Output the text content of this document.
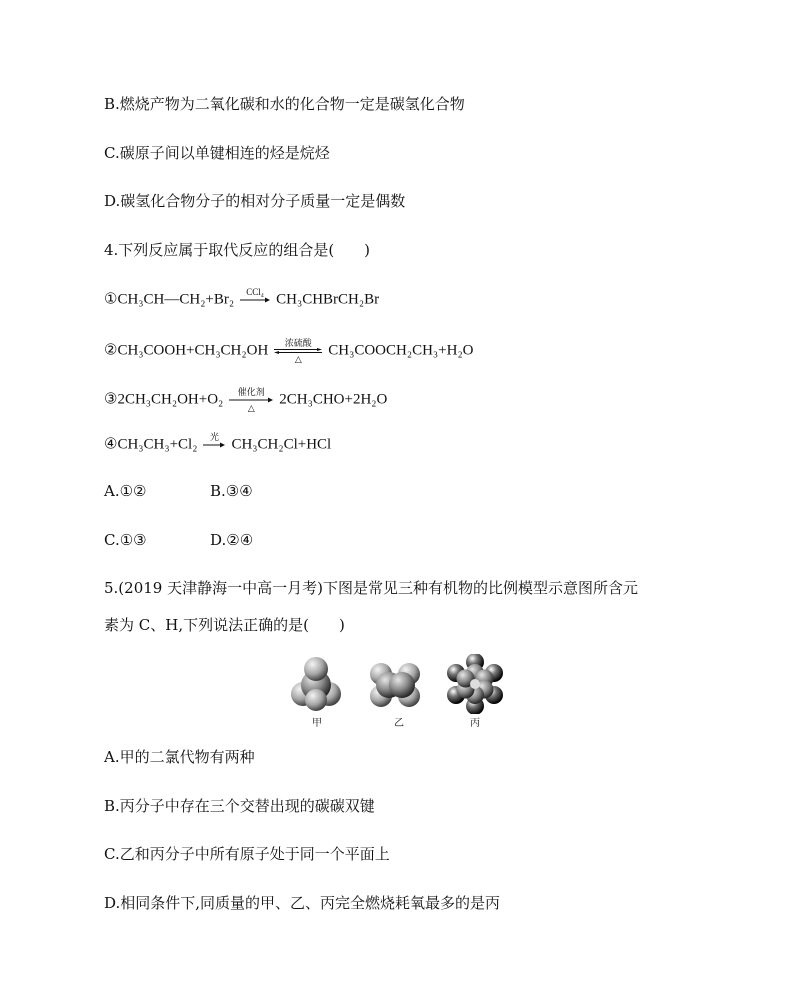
B.燃烧产物为二氧化碳和水的化合物一定是碳氢化合物
C.碳原子间以单键相连的烃是烷烃
D.碳氢化合物分子的相对分子质量一定是偶数
4.下列反应属于取代反应的组合是(　　)
①CH₃CH—CH₂+Br₂	CCl₄ CH₃CHBrCH₂Br
②CH₃COOH+CH₃CH₂OH	浓硫酸
△
CH₃COOCH₂CH₃+H₂O
③2CH₃CH₂OH+O₂	催化剂
△
2CH₃CHO+2H₂O
④CH₃CH₃+Cl₂	光 CH₃CH₂Cl+HCl
A.①②	B.③④
C.①③	D.②④
5.(2019 天津静海一中高一月考)下图是常见三种有机物的比例模型示意图所含元
素为 C、H,下列说法正确的是(　　)
甲	乙	丙
A.甲的二氯代物有两种
B.丙分子中存在三个交替出现的碳碳双键
C.乙和丙分子中所有原子处于同一个平面上
D.相同条件下,同质量的甲、乙、丙完全燃烧耗氧最多的是丙
